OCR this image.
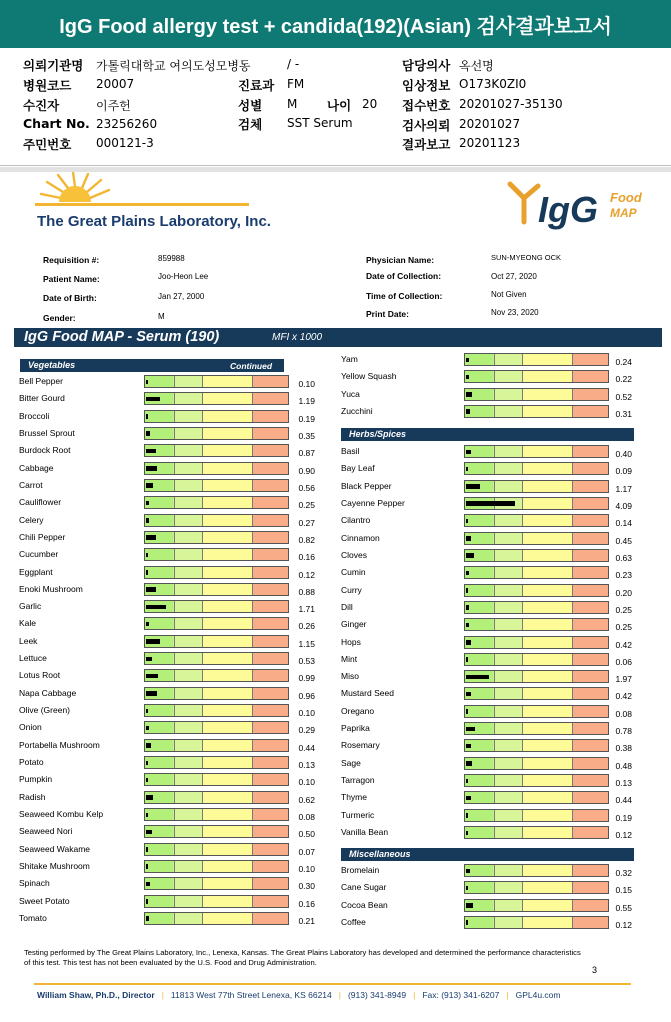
IgG Food allergy test + candida(192)(Asian) 검사결과보고서
의뢰기관명 가톨릭대학교 여의도성모병동	/ -	담당의사 옥선명
병원코드 20007	진료과 FM	임상정보 O173K0ZI0
수진자	이주헌	성별 M 나이 20 접수번호 20201027-35130
Chart No. 23256260	검체 SST Serum	검사의뢰 20201027
주민번호 000121-3	결과보고 20201123
The Great Plains Laboratory, Inc.	IgG Food
MAP
Requisition #:	859988
Patient Name:	Joo-Heon Lee
Date of Birth:	Jan 27, 2000
Gender:	M
Physician Name:	SUN-MYEONG OCK
Date of Collection:	Oct 27, 2020
Time of Collection:	Not Given
Print Date:	Nov 23, 2020
IgG Food MAP - Serum (190)	MFI x 1000
Vegetables	Continued
Herbs/Spices
Miscellaneous
Bell Pepper	0.10
Bitter Gourd	1.19
Broccoli	0.19
Brussel Sprout	0.35
Burdock Root	0.87
Cabbage	0.90
Carrot	0.56
Cauliflower	0.25
Celery	0.27
Chili Pepper	0.82
Cucumber	0.16
Eggplant	0.12
Enoki Mushroom	0.88
Garlic	1.71
Kale	0.26
Leek	1.15
Lettuce	0.53
Lotus Root	0.99
Napa Cabbage	0.96
Olive (Green)	0.10
Onion	0.29
Portabella Mushroom	0.44
Potato	0.13
Pumpkin	0.10
Radish	0.62
Seaweed Kombu Kelp	0.08
Seaweed Nori	0.50
Seaweed Wakame	0.07
Shitake Mushroom	0.10
Spinach	0.30
Sweet Potato	0.16
Tomato	0.21
Yam	0.24
Yellow Squash	0.22
Yuca	0.52
Zucchini	0.31
Basil	0.40
Bay Leaf	0.09
Black Pepper	1.17
Cayenne Pepper	4.09
Cilantro	0.14
Cinnamon	0.45
Cloves	0.63
Cumin	0.23
Curry	0.20
Dill	0.25
Ginger	0.25
Hops	0.42
Mint	0.06
Miso	1.97
Mustard Seed	0.42
Oregano	0.08
Paprika	0.78
Rosemary	0.38
Sage	0.48
Tarragon	0.13
Thyme	0.44
Turmeric	0.19
Vanilla Bean	0.12
Bromelain	0.32
Cane Sugar	0.15
Cocoa Bean	0.55
Coffee	0.12
Testing performed by The Great Plains Laboratory, Inc., Lenexa, Kansas. The Great Plains Laboratory has developed and determined the performance characteristics of this test. This test has not been evaluated by the U.S. Food and Drug Administration.
3
William Shaw, Ph.D., Director | 11813 West 77th Street Lenexa, KS 66214 | (913) 341-8949 | Fax: (913) 341-6207 | GPL4u.com
